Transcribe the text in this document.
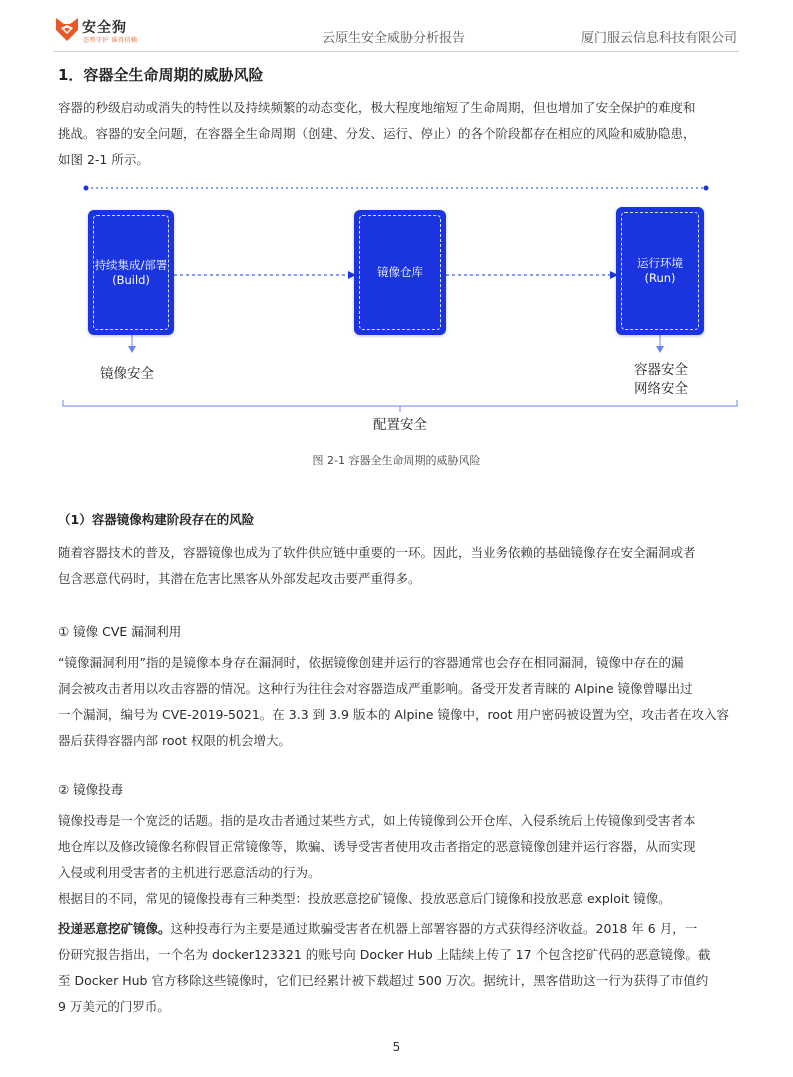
安全狗
态势守护 谁得信赖	云原生安全威胁分析报告	厦门服云信息科技有限公司
1．容器全生命周期的威胁风险

容器的秒级启动或消失的特性以及持续频繁的动态变化，极大程度地缩短了生命周期，但也增加了安全保护的难度和

挑战。容器的安全问题，在容器全生命周期（创建、分发、运行、停止）的各个阶段都存在相应的风险和威胁隐患，

如图 2-1 所示。

持续集成/部署
(Build)
镜像仓库
运行环境
(Run)
镜像安全	容器安全
网络安全
配置安全
图 2-1 容器全生命周期的威胁风险
（1）容器镜像构建阶段存在的风险

随着容器技术的普及，容器镜像也成为了软件供应链中重要的一环。因此，当业务依赖的基础镜像存在安全漏洞或者

包含恶意代码时，其潜在危害比黑客从外部发起攻击要严重得多。

① 镜像 CVE 漏洞利用

“镜像漏洞利用”指的是镜像本身存在漏洞时，依据镜像创建并运行的容器通常也会存在相同漏洞，镜像中存在的漏

洞会被攻击者用以攻击容器的情况。这种行为往往会对容器造成严重影响。备受开发者青睐的 Alpine 镜像曾曝出过

一个漏洞，编号为 CVE-2019-5021。在 3.3 到 3.9 版本的 Alpine 镜像中，root 用户密码被设置为空，攻击者在攻入容

器后获得容器内部 root 权限的机会增大。

② 镜像投毒

镜像投毒是一个宽泛的话题。指的是攻击者通过某些方式，如上传镜像到公开仓库、入侵系统后上传镜像到受害者本

地仓库以及修改镜像名称假冒正常镜像等，欺骗、诱导受害者使用攻击者指定的恶意镜像创建并运行容器，从而实现

入侵或利用受害者的主机进行恶意活动的行为。

根据目的不同，常见的镜像投毒有三种类型：投放恶意挖矿镜像、投放恶意后门镜像和投放恶意 exploit 镜像。

投递恶意挖矿镜像。这种投毒行为主要是通过欺骗受害者在机器上部署容器的方式获得经济收益。2018 年 6 月，一

份研究报告指出，一个名为 docker123321 的账号向 Docker Hub 上陆续上传了 17 个包含挖矿代码的恶意镜像。截

至 Docker Hub 官方移除这些镜像时，它们已经累计被下载超过 500 万次。据统计，黑客借助这一行为获得了市值约

9 万美元的门罗币。

5
